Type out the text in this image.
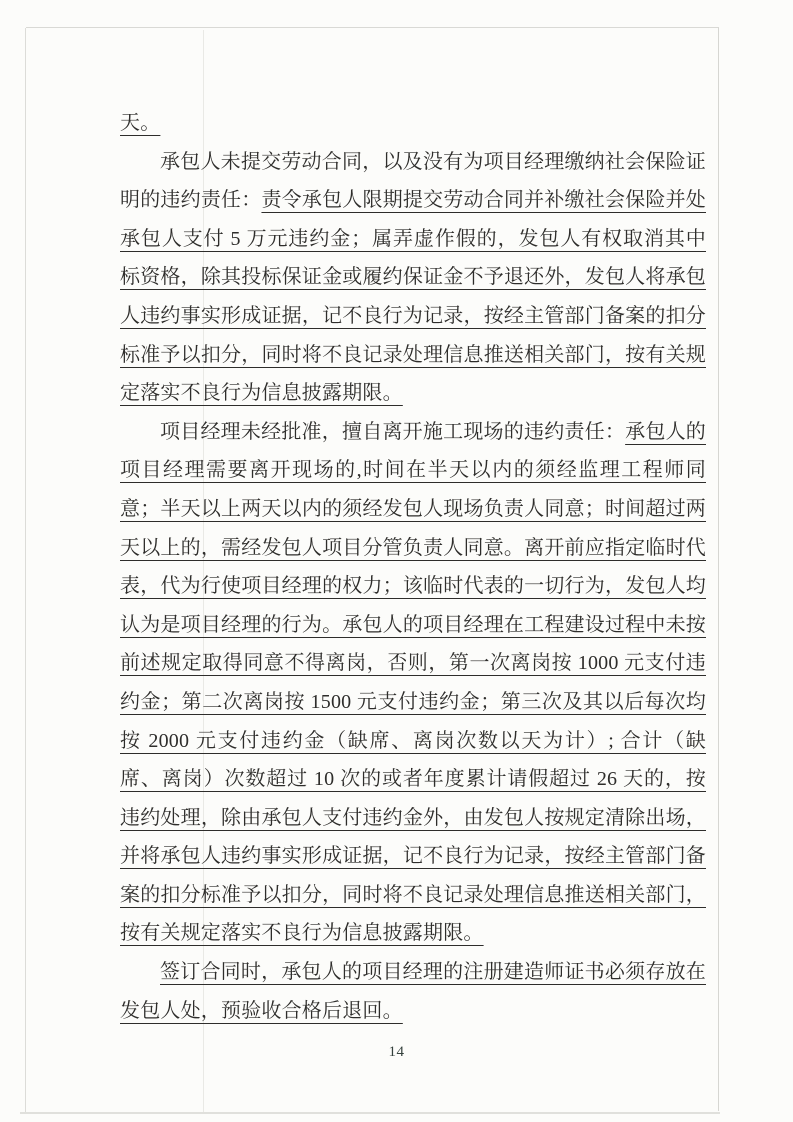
天。

承包人未提交劳动合同，以及没有为项目经理缴纳社会保险证明的违约责任：责令承包人限期提交劳动合同并补缴社会保险并处承包人支付 5 万元违约金；属弄虚作假的，发包人有权取消其中标资格，除其投标保证金或履约保证金不予退还外，发包人将承包人违约事实形成证据，记不良行为记录，按经主管部门备案的扣分标准予以扣分，同时将不良记录处理信息推送相关部门，按有关规定落实不良行为信息披露期限。

项目经理未经批准，擅自离开施工现场的违约责任：承包人的项目经理需要离开现场的,时间在半天以内的须经监理工程师同意；半天以上两天以内的须经发包人现场负责人同意；时间超过两天以上的，需经发包人项目分管负责人同意。离开前应指定临时代表，代为行使项目经理的权力；该临时代表的一切行为，发包人均认为是项目经理的行为。承包人的项目经理在工程建设过程中未按前述规定取得同意不得离岗，否则，第一次离岗按 1000 元支付违约金；第二次离岗按 1500 元支付违约金；第三次及其以后每次均按 2000 元支付违约金（缺席、离岗次数以天为计）; 合计（缺席、离岗）次数超过 10 次的或者年度累计请假超过 26 天的，按违约处理，除由承包人支付违约金外，由发包人按规定清除出场，并将承包人违约事实形成证据，记不良行为记录，按经主管部门备案的扣分标准予以扣分，同时将不良记录处理信息推送相关部门，按有关规定落实不良行为信息披露期限。

签订合同时，承包人的项目经理的注册建造师证书必须存放在发包人处，预验收合格后退回。

14
